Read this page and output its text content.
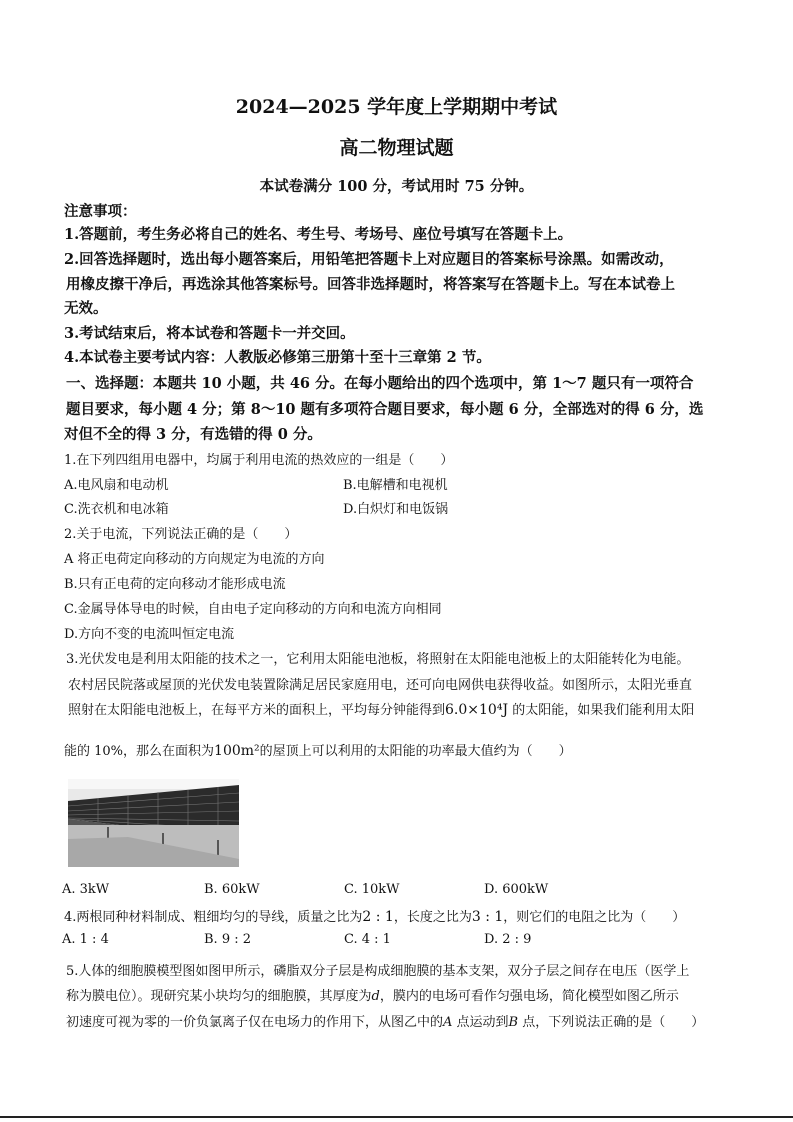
2024—2025 学年度上学期期中考试
高二物理试题
本试卷满分 100 分，考试用时 75 分钟。
注意事项：
1.答题前，考生务必将自己的姓名、考生号、考场号、座位号填写在答题卡上。
2.回答选择题时，选出每小题答案后，用铅笔把答题卡上对应题目的答案标号涂黑。如需改动，
用橡皮擦干净后，再选涂其他答案标号。回答非选择题时，将答案写在答题卡上。写在本试卷上
无效。
3.考试结束后，将本试卷和答题卡一并交回。
4.本试卷主要考试内容：人教版必修第三册第十至十三章第 2 节。
一、选择题：本题共 10 小题，共 46 分。在每小题给出的四个选项中，第 1～7 题只有一项符合
题目要求，每小题 4 分；第 8～10 题有多项符合题目要求，每小题 6 分，全部选对的得 6 分，选
对但不全的得 3 分，有选错的得 0 分。
1.在下列四组用电器中，均属于利用电流的热效应的一组是（　　）
A.电风扇和电动机	B.电解槽和电视机
C.洗衣机和电冰箱	D.白炽灯和电饭锅
2.关于电流，下列说法正确的是（　　）
A 将正电荷定向移动的方向规定为电流的方向
B.只有正电荷的定向移动才能形成电流
C.金属导体导电的时候，自由电子定向移动的方向和电流方向相同
D.方向不变的电流叫恒定电流
3.光伏发电是利用太阳能的技术之一，它利用太阳能电池板，将照射在太阳能电池板上的太阳能转化为电能。
农村居民院落或屋顶的光伏发电装置除满足居民家庭用电，还可向电网供电获得收益。如图所示，太阳光垂直
照射在太阳能电池板上，在每平方米的面积上，平均每分钟能得到6.0×10⁴J 的太阳能，如果我们能利用太阳
能的 10%，那么在面积为100m²的屋顶上可以利用的太阳能的功率最大值约为（　　）
A. 3kW	B. 60kW	C. 10kW	D. 600kW
4.两根同种材料制成、粗细均匀的导线，质量之比为2 : 1，长度之比为3 : 1，则它们的电阻之比为（　　）
A. 1 : 4	B. 9 : 2	C. 4 : 1	D. 2 : 9
5.人体的细胞膜模型图如图甲所示，磷脂双分子层是构成细胞膜的基本支架，双分子层之间存在电压（医学上
称为膜电位）。现研究某小块均匀的细胞膜，其厚度为d，膜内的电场可看作匀强电场，简化模型如图乙所示
初速度可视为零的一价负氯离子仅在电场力的作用下，从图乙中的A 点运动到B 点，下列说法正确的是（　　）
